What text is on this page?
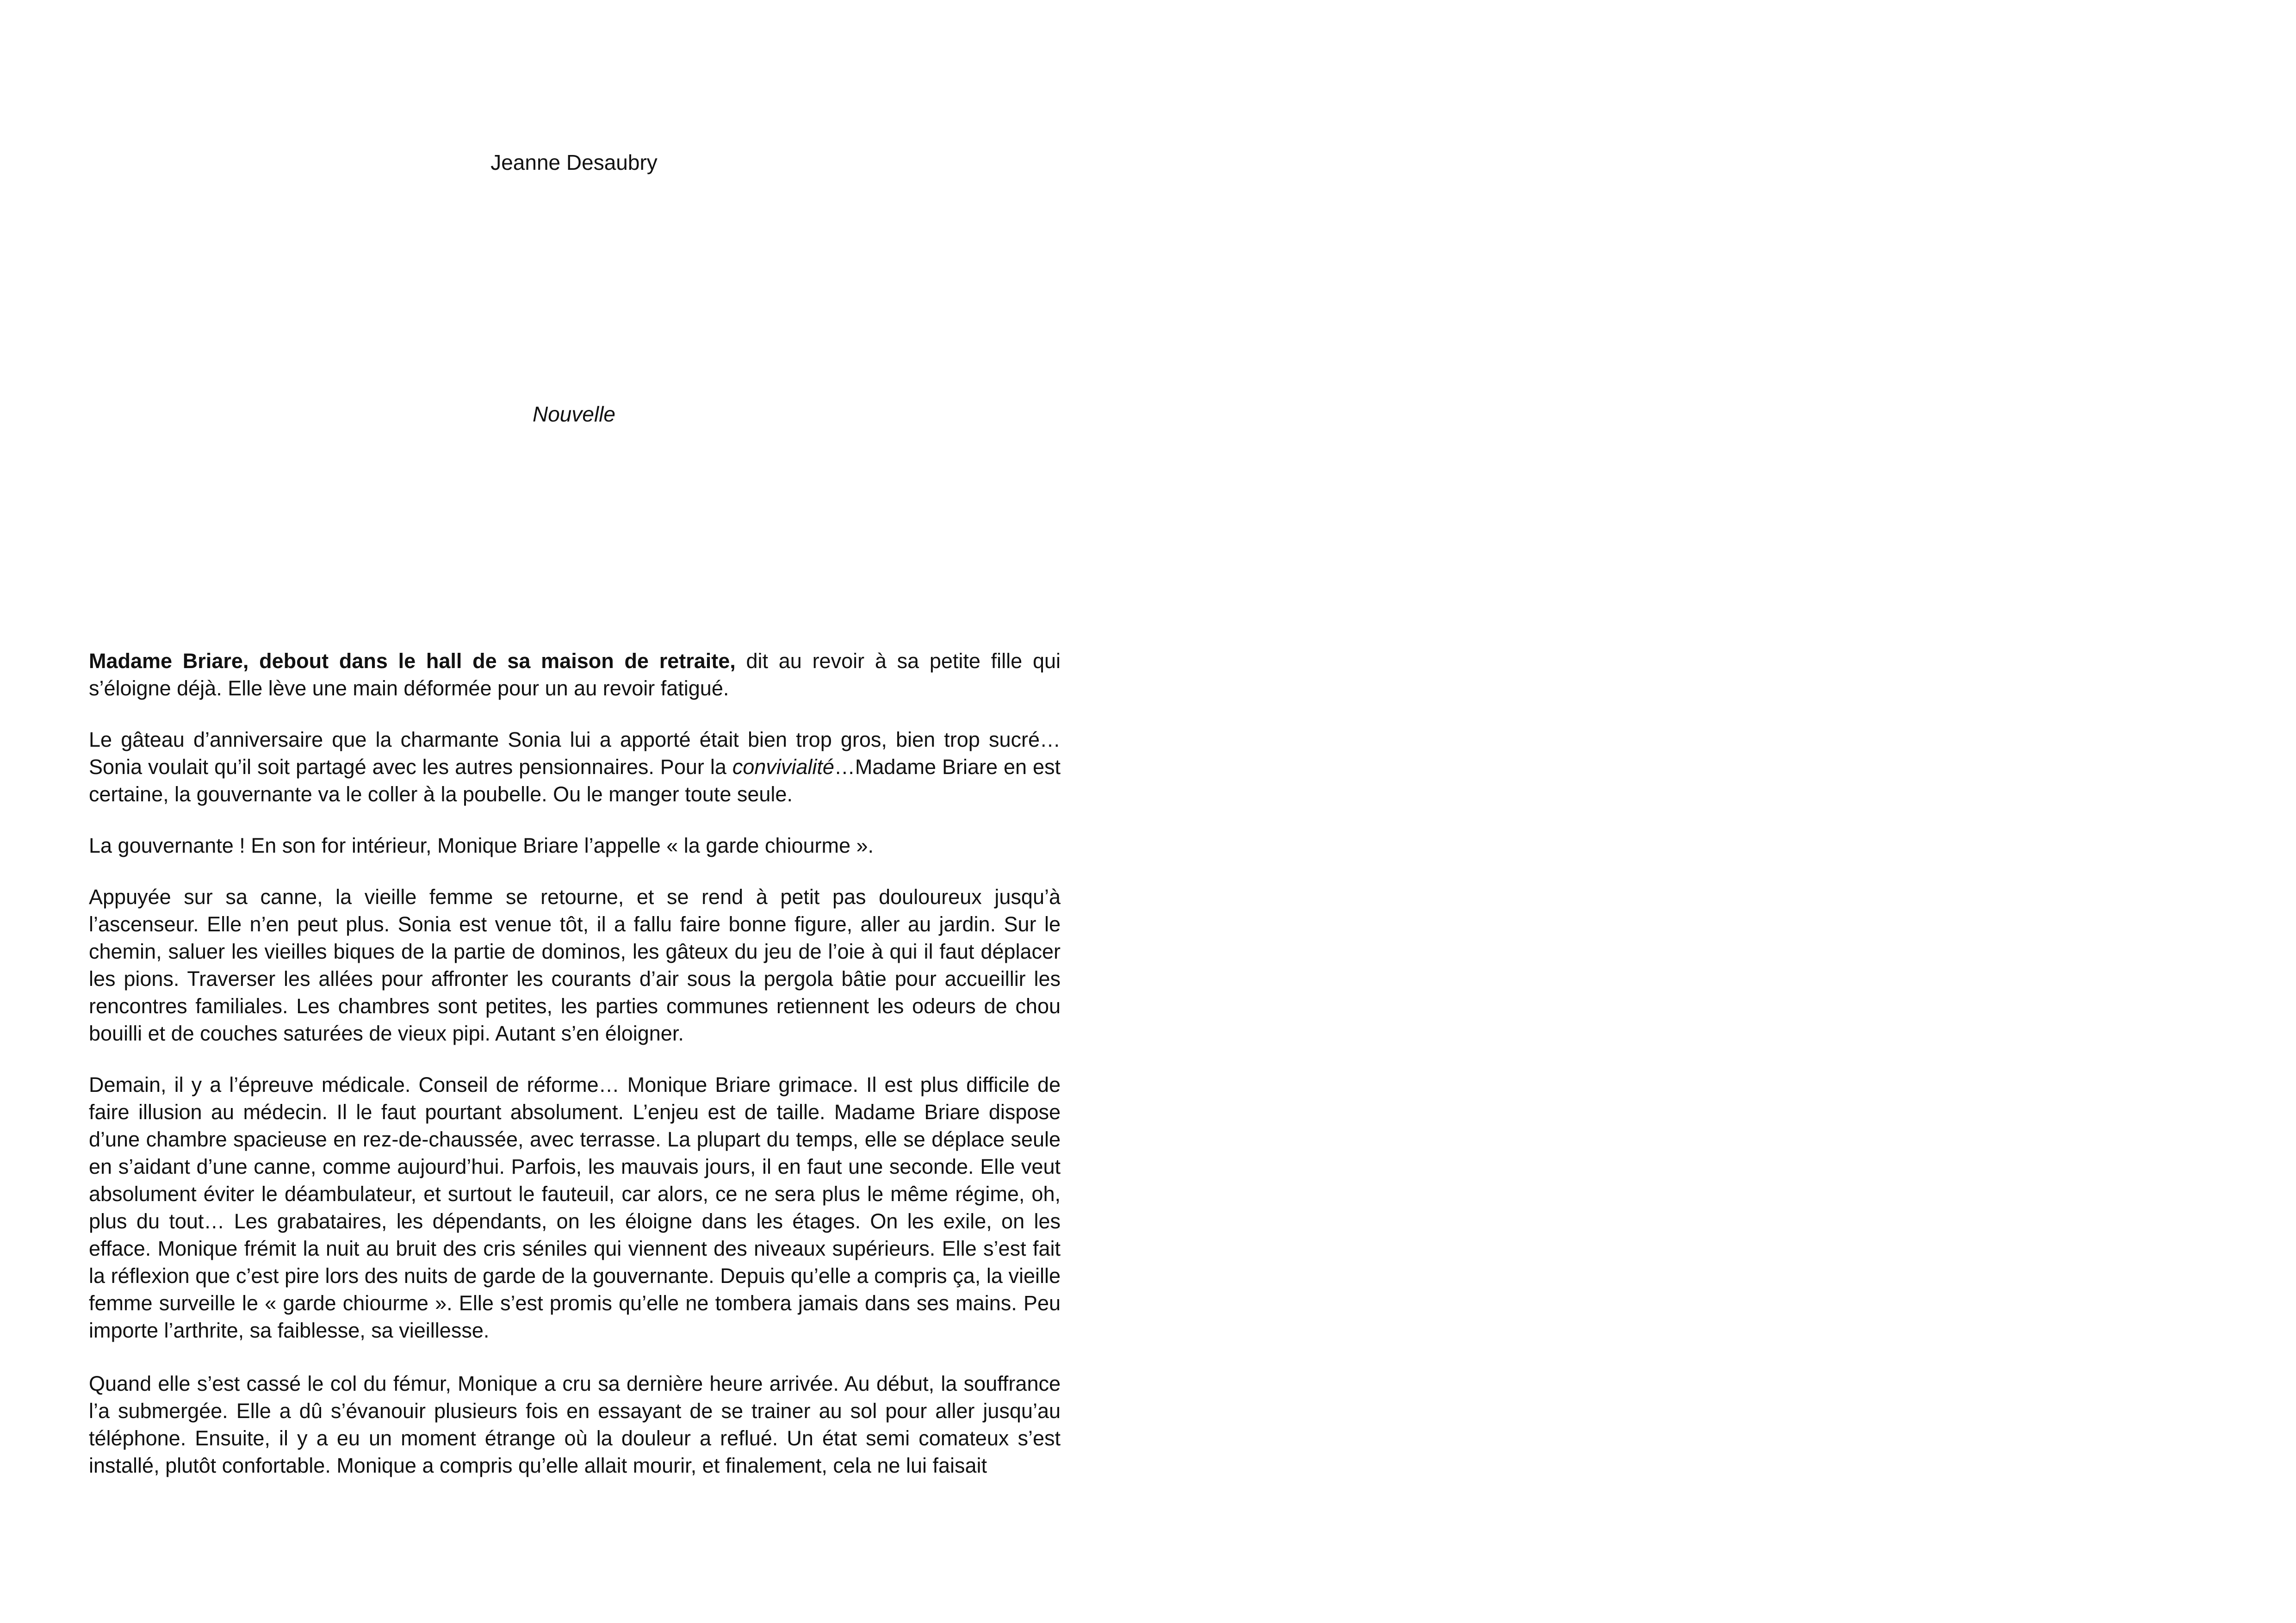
Jeanne Desaubry

Nouvelle

Madame Briare, debout dans le hall de sa maison de retraite, dit au revoir à sa petite fille qui s’éloigne déjà. Elle lève une main déformée pour un au revoir fatigué.

Le gâteau d’anniversaire que la charmante Sonia lui a apporté était bien trop gros, bien trop sucré… Sonia voulait qu’il soit partagé avec les autres pensionnaires. Pour la convivialité…Madame Briare en est certaine, la gouvernante va le coller à la poubelle. Ou le manger toute seule.

La gouvernante ! En son for intérieur, Monique Briare l’appelle « la garde chiourme ».

Appuyée sur sa canne, la vieille femme se retourne, et se rend à petit pas douloureux jusqu’à l’ascenseur. Elle n’en peut plus. Sonia est venue tôt, il a fallu faire bonne figure, aller au jardin. Sur le chemin, saluer les vieilles biques de la partie de dominos, les gâteux du jeu de l’oie à qui il faut déplacer les pions. Traverser les allées pour affronter les courants d’air sous la pergola bâtie pour accueillir les rencontres familiales. Les chambres sont petites, les parties communes retiennent les odeurs de chou bouilli et de couches saturées de vieux pipi. Autant s’en éloigner.

Demain, il y a l’épreuve médicale. Conseil de réforme… Monique Briare grimace. Il est plus difficile de faire illusion au médecin. Il le faut pourtant absolument. L’enjeu est de taille. Madame Briare dispose d’une chambre spacieuse en rez-de-chaussée, avec terrasse. La plupart du temps, elle se déplace seule en s’aidant d’une canne, comme aujourd’hui. Parfois, les mauvais jours, il en faut une seconde. Elle veut absolument éviter le déambulateur, et surtout le fauteuil, car alors, ce ne sera plus le même régime, oh, plus du tout… Les grabataires, les dépendants, on les éloigne dans les étages. On les exile, on les efface. Monique frémit la nuit au bruit des cris séniles qui viennent des niveaux supérieurs. Elle s’est fait la réflexion que c’est pire lors des nuits de garde de la gouvernante. Depuis qu’elle a compris ça, la vieille femme surveille le « garde chiourme ». Elle s’est promis qu’elle ne tombera jamais dans ses mains. Peu importe l’arthrite, sa faiblesse, sa vieillesse.

Quand elle s’est cassé le col du fémur, Monique a cru sa dernière heure arrivée. Au début, la souffrance l’a submergée. Elle a dû s’évanouir plusieurs fois en essayant de se trainer au sol pour aller jusqu’au téléphone. Ensuite, il y a eu un moment étrange où la douleur a reflué. Un état semi comateux s’est installé, plutôt confortable. Monique a compris qu’elle allait mourir, et finalement, cela ne lui faisait
